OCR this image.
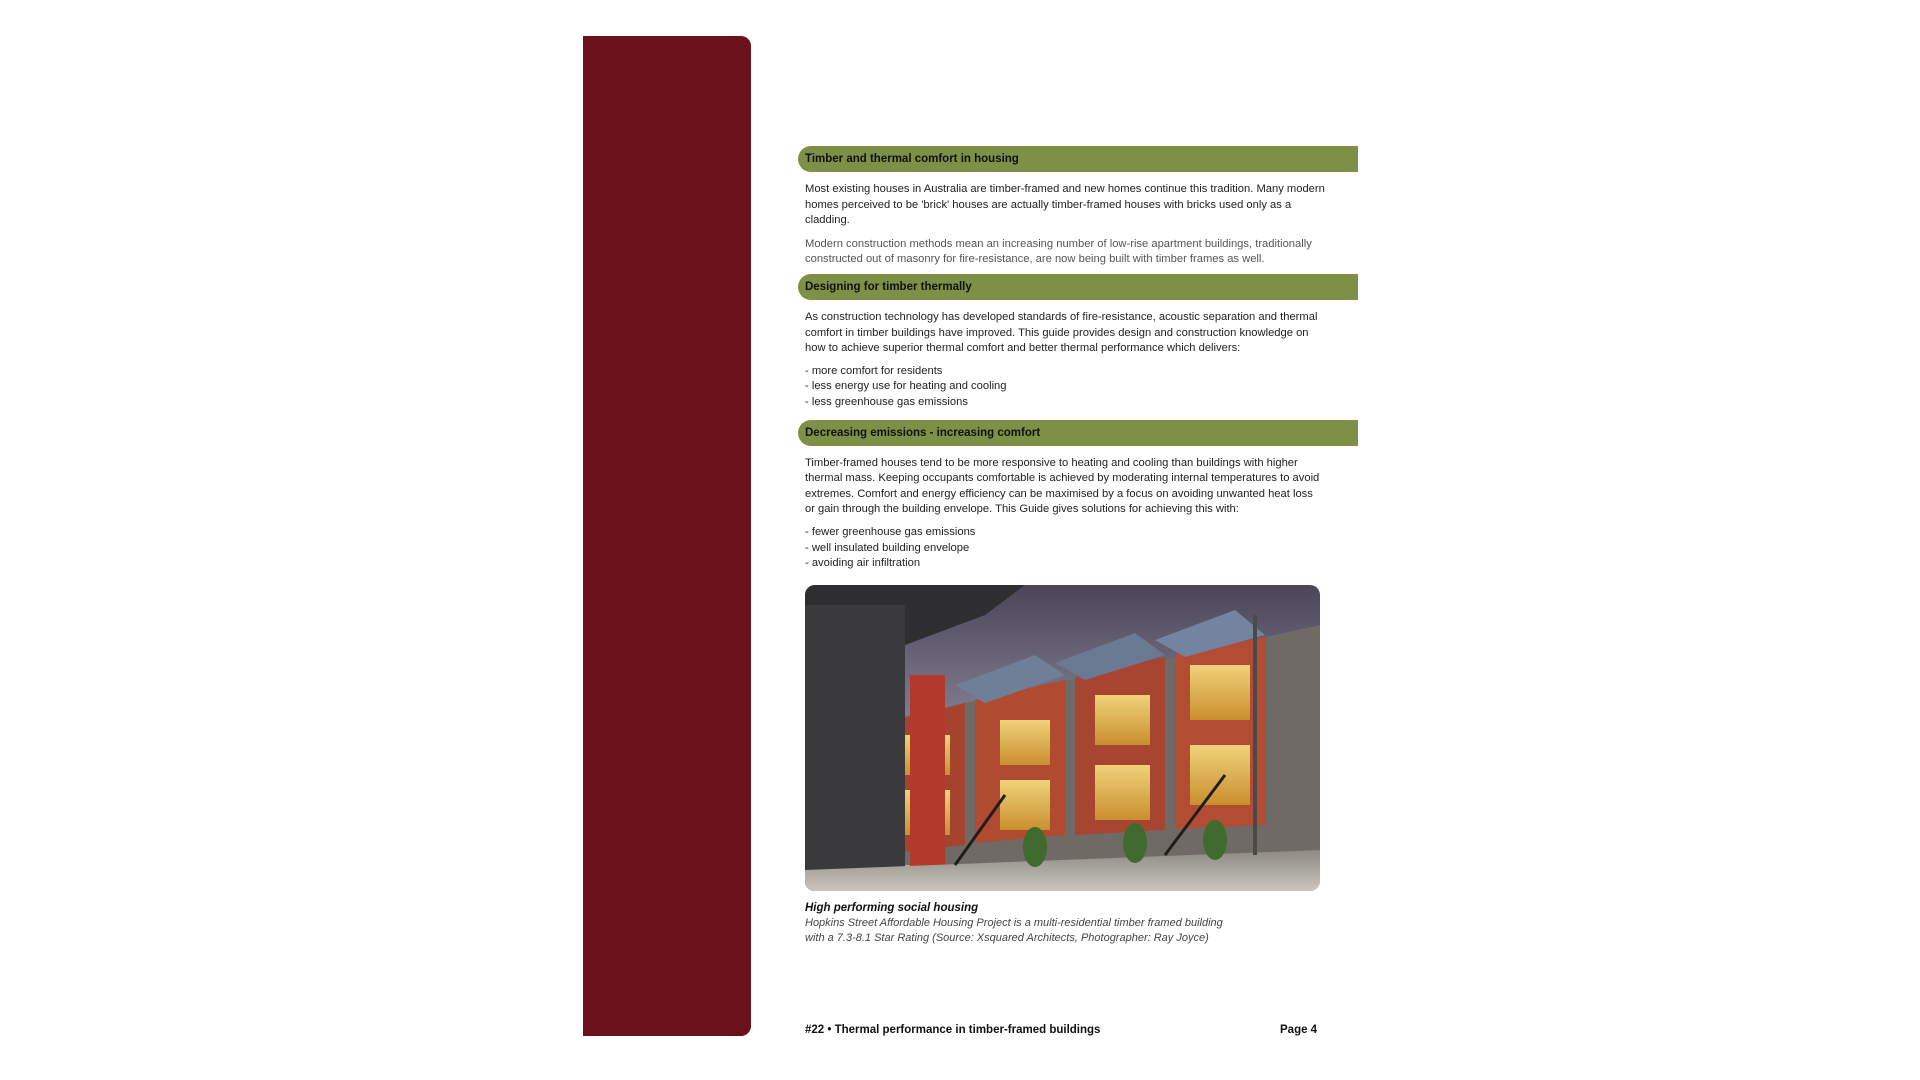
Timber and thermal comfort in housing

Most existing houses in Australia are timber-framed and new homes continue this tradition. Many modern homes perceived to be 'brick' houses are actually timber-framed houses with bricks used only as a cladding.

Modern construction methods mean an increasing number of low-rise apartment buildings, traditionally constructed out of masonry for fire-resistance, are now being built with timber frames as well.

Designing for timber thermally

As construction technology has developed standards of fire-resistance, acoustic separation and thermal comfort in timber buildings have improved. This guide provides design and construction knowledge on how to achieve superior thermal comfort and better thermal performance which delivers:

- more comfort for residents
- less energy use for heating and cooling
- less greenhouse gas emissions
Decreasing emissions - increasing comfort

Timber-framed houses tend to be more responsive to heating and cooling than buildings with higher thermal mass. Keeping occupants comfortable is achieved by moderating internal temperatures to avoid extremes. Comfort and energy efficiency can be maximised by a focus on avoiding unwanted heat loss or gain through the building envelope. This Guide gives solutions for achieving this with:

- fewer greenhouse gas emissions
- well insulated building envelope
- avoiding air infiltration
High performing social housing

Hopkins Street Affordable Housing Project is a multi-residential timber framed building with a 7.3-8.1 Star Rating (Source: Xsquared Architects, Photographer: Ray Joyce)

#22 • Thermal performance in timber-framed buildings	Page 4
